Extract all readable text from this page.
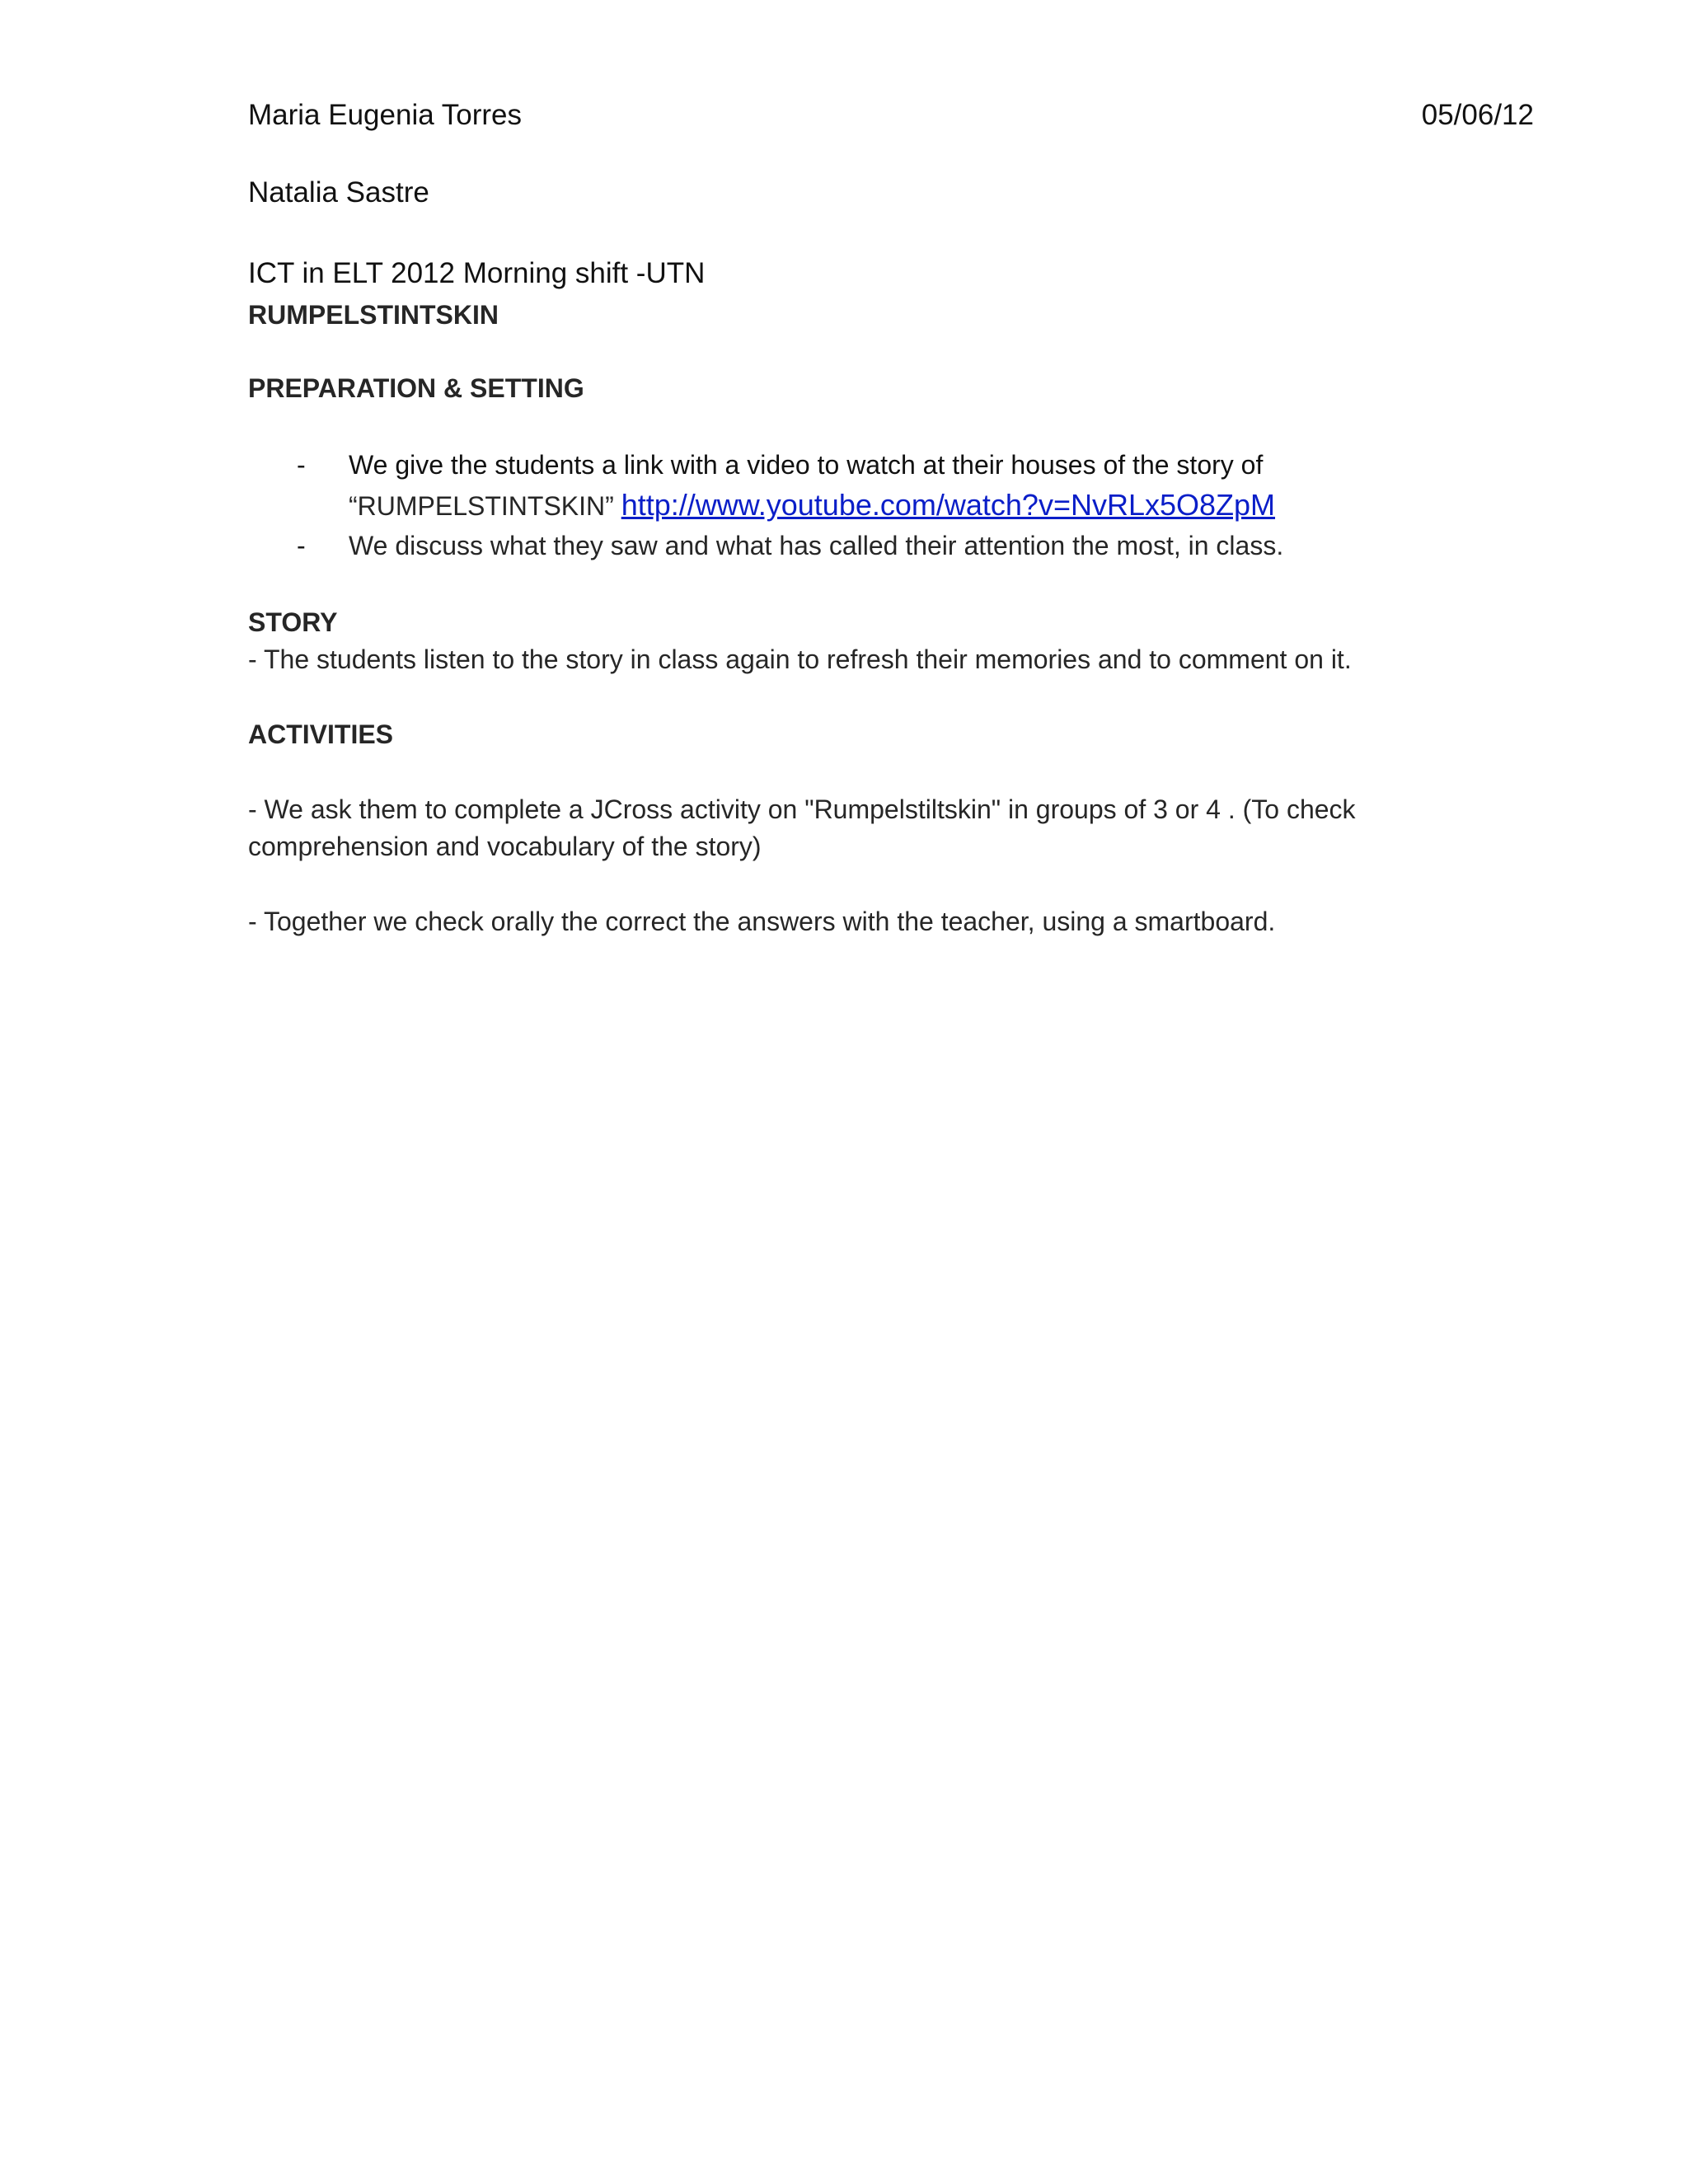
Maria Eugenia Torres	05/06/12
Natalia Sastre
ICT in ELT 2012 Morning shift -UTN
RUMPELSTINTSKIN
PREPARATION & SETTING
- We give the students a link with a video to watch at their houses of the story of
“RUMPELSTINTSKIN” http://www.youtube.com/watch?v=NvRLx5O8ZpM
- We discuss what they saw and what has called their attention the most, in class.
STORY
- The students listen to the story in class again to refresh their memories and to comment on it.
ACTIVITIES
- We ask them to complete a JCross activity on "Rumpelstiltskin" in groups of 3 or 4 . (To check
comprehension and vocabulary of the story)
- Together we check orally the correct the answers with the teacher, using a smartboard.
